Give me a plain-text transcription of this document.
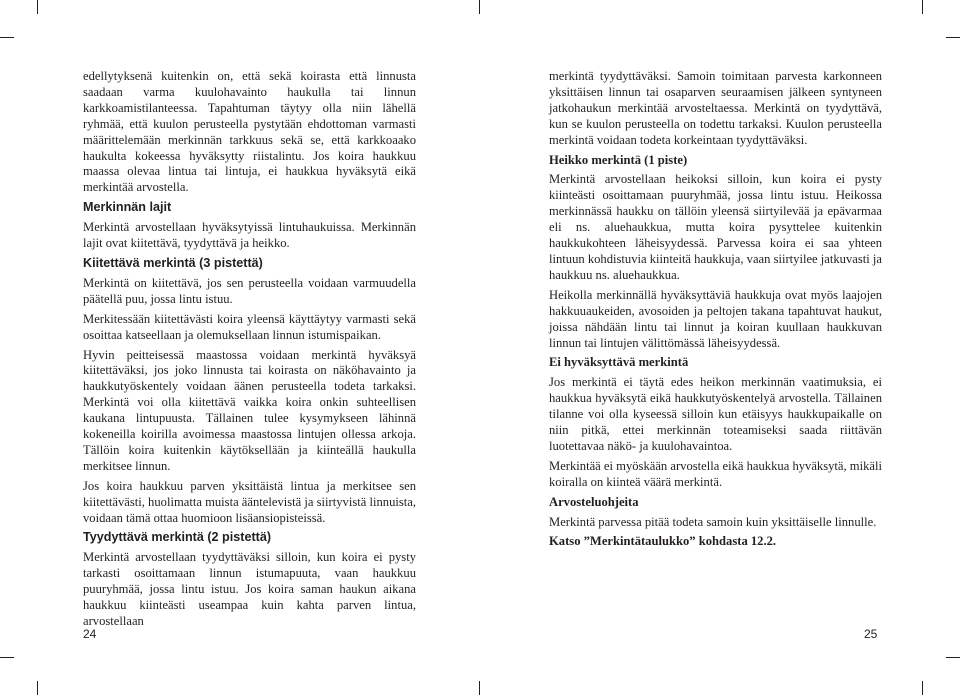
edellytyksenä kuitenkin on, että sekä koirasta että linnusta saadaan varma kuulohavainto haukulla tai linnun karkkoamistilanteessa. Tapahtuman täytyy olla niin lähellä ryhmää, että kuulon perusteella pystytään ehdottoman varmasti määrittelemään merkinnän tarkkuus sekä se, että karkkoaako haukulta kokeessa hyväksytty riistalintu. Jos koira haukkuu maassa olevaa lintua tai lintuja, ei haukkua hyväksytä eikä merkintää arvostella.

Merkinnän lajit

Merkintä arvostellaan hyväksytyissä lintuhaukuissa. Merkinnän lajit ovat kiitettävä, tyydyttävä ja heikko.

Kiitettävä merkintä (3 pistettä)

Merkintä on kiitettävä, jos sen perusteella voidaan varmuudella päätellä puu, jossa lintu istuu.

Merkitessään kiitettävästi koira yleensä käyttäytyy varmasti sekä osoittaa katseellaan ja olemuksellaan linnun istumispaikan.

Hyvin peitteisessä maastossa voidaan merkintä hyväksyä kiitettäväksi, jos joko linnusta tai koirasta on näköhavainto ja haukkutyöskentely voidaan äänen perusteella todeta tarkaksi. Merkintä voi olla kiitettävä vaikka koira onkin suhteellisen kaukana lintupuusta. Tällainen tulee kysymykseen lähinnä kokeneilla koirilla avoimessa maastossa lintujen ollessa arkoja. Tällöin koira kuitenkin käytöksellään ja kiinteällä haukulla merkitsee linnun.

Jos koira haukkuu parven yksittäistä lintua ja merkitsee sen kiitettävästi, huolimatta muista ääntelevistä ja siirtyvistä linnuista, voidaan tämä ottaa huomioon lisäansiopisteissä.

Tyydyttävä merkintä (2 pistettä)

Merkintä arvostellaan tyydyttäväksi silloin, kun koira ei pysty tarkasti osoittamaan linnun istumapuuta, vaan haukkuu puuryhmää, jossa lintu istuu. Jos koira saman haukun aikana haukkuu kiinteästi useampaa kuin kahta parven lintua, arvostellaan

24

merkintä tyydyttäväksi. Samoin toimitaan parvesta karkonneen yksittäisen linnun tai osaparven seuraamisen jälkeen syntyneen jatkohaukun merkintää arvosteltaessa. Merkintä on tyydyttävä, kun se kuulon perusteella on todettu tarkaksi. Kuulon perusteella merkintä voidaan todeta korkeintaan tyydyttäväksi.

Heikko merkintä (1 piste)

Merkintä arvostellaan heikoksi silloin, kun koira ei pysty kiinteästi osoittamaan puuryhmää, jossa lintu istuu. Heikossa merkinnässä haukku on tällöin yleensä siirtyilevää ja epävarmaa eli ns. aluehaukkua, mutta koira pysyttelee kuitenkin haukkukohteen läheisyydessä. Parvessa koira ei saa yhteen lintuun kohdistuvia kiinteitä haukkuja, vaan siirtyilee jatkuvasti ja haukkuu ns. aluehaukkua.

Heikolla merkinnällä hyväksyttäviä haukkuja ovat myös laajojen hakkuuaukeiden, avosoiden ja peltojen takana tapahtuvat haukut, joissa nähdään lintu tai linnut ja koiran kuullaan haukkuvan linnun tai lintujen välittömässä läheisyydessä.

Ei hyväksyttävä merkintä

Jos merkintä ei täytä edes heikon merkinnän vaatimuksia, ei haukkua hyväksytä eikä haukkutyöskentelyä arvostella. Tällainen tilanne voi olla kyseessä silloin kun etäisyys haukkupaikalle on niin pitkä, ettei merkinnän toteamiseksi saada riittävän luotettavaa näkö- ja kuulohavaintoa.

Merkintää ei myöskään arvostella eikä haukkua hyväksytä, mikäli koiralla on kiinteä väärä merkintä.

Arvosteluohjeita

Merkintä parvessa pitää todeta samoin kuin yksittäiselle linnulle.

Katso ”Merkintätaulukko” kohdasta 12.2.

25
